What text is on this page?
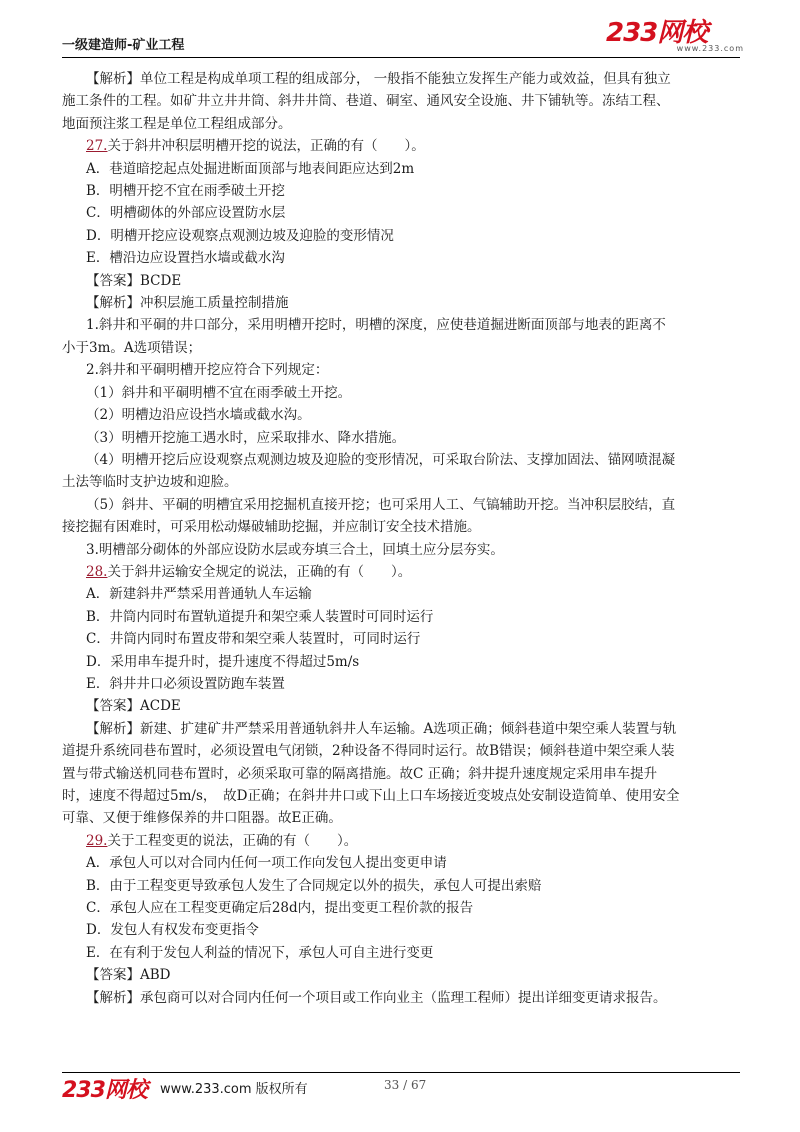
一级建造师-矿业工程	233网校
www.233.com

【解析】单位工程是构成单项工程的组成部分， 一般指不能独立发挥生产能力或效益，但具有独立

施工条件的工程。如矿井立井井筒、斜井井筒、巷道、硐室、通风安全设施、井下铺轨等。冻结工程、

地面预注浆工程是单位工程组成部分。

27.关于斜井冲积层明槽开挖的说法，正确的有（　　）。

A．巷道暗挖起点处掘进断面顶部与地表间距应达到2m

B．明槽开挖不宜在雨季破土开挖

C．明槽砌体的外部应设置防水层

D．明槽开挖应设观察点观测边坡及迎脸的变形情况

E．槽沿边应设置挡水墙或截水沟

【答案】BCDE

【解析】冲积层施工质量控制措施

1.斜井和平硐的井口部分，采用明槽开挖时，明槽的深度，应使巷道掘进断面顶部与地表的距离不

小于3m。A选项错误；

2.斜井和平硐明槽开挖应符合下列规定：

（1）斜井和平硐明槽不宜在雨季破土开挖。

（2）明槽边沿应设挡水墙或截水沟。

（3）明槽开挖施工遇水时，应采取排水、降水措施。

（4）明槽开挖后应设观察点观测边坡及迎脸的变形情况，可采取台阶法、支撑加固法、锚网喷混凝

土法等临时支护边坡和迎脸。

（5）斜井、平硐的明槽宜采用挖掘机直接开挖；也可采用人工、气镐辅助开挖。当冲积层胶结，直

接挖掘有困难时，可采用松动爆破辅助挖掘，并应制订安全技术措施。

3.明槽部分砌体的外部应设防水层或夯填三合土，回填土应分层夯实。

28.关于斜井运输安全规定的说法，正确的有（　　）。

A．新建斜井严禁采用普通轨人车运输

B．井筒内同时布置轨道提升和架空乘人装置时可同时运行

C．井筒内同时布置皮带和架空乘人装置时，可同时运行

D．采用串车提升时，提升速度不得超过5m/s

E．斜井井口必须设置防跑车装置

【答案】ACDE

【解析】新建、扩建矿井严禁采用普通轨斜井人车运输。A选项正确；倾斜巷道中架空乘人装置与轨

道提升系统同巷布置时，必须设置电气闭锁，2种设备不得同时运行。故B错误；倾斜巷道中架空乘人装

置与带式输送机同巷布置时，必须采取可靠的隔离措施。故C 正确；斜井提升速度规定采用串车提升

时，速度不得超过5m/s，　故D正确；在斜井井口或下山上口车场接近变坡点处安制设造简单、使用安全

可靠、又便于维修保养的井口阻器。故E正确。

29.关于工程变更的说法，正确的有（　　）。

A．承包人可以对合同内任何一项工作向发包人提出变更申请

B．由于工程变更导致承包人发生了合同规定以外的损失，承包人可提出索赔

C．承包人应在工程变更确定后28d内，提出变更工程价款的报告

D．发包人有权发布变更指令

E．在有利于发包人利益的情况下，承包人可自主进行变更

【答案】ABD

【解析】承包商可以对合同内任何一个项目或工作向业主（监理工程师）提出详细变更请求报告。

233网校 www.233.com 版权所有	33 / 67
